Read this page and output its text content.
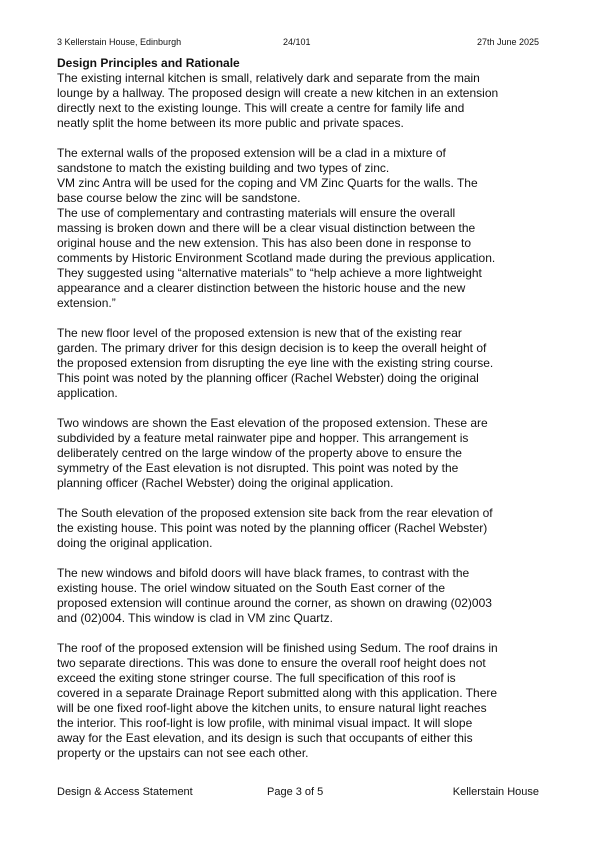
3 Kellerstain House, Edinburgh	24/101	27th June 2025
Design Principles and Rationale

The existing internal kitchen is small, relatively dark and separate from the main
lounge by a hallway. The proposed design will create a new kitchen in an extension
directly next to the existing lounge. This will create a centre for family life and
neatly split the home between its more public and private spaces.

The external walls of the proposed extension will be a clad in a mixture of
sandstone to match the existing building and two types of zinc.
VM zinc Antra will be used for the coping and VM Zinc Quarts for the walls. The
base course below the zinc will be sandstone.
The use of complementary and contrasting materials will ensure the overall
massing is broken down and there will be a clear visual distinction between the
original house and the new extension. This has also been done in response to
comments by Historic Environment Scotland made during the previous application.
They suggested using “alternative materials” to “help achieve a more lightweight
appearance and a clearer distinction between the historic house and the new
extension.”

The new floor level of the proposed extension is new that of the existing rear
garden. The primary driver for this design decision is to keep the overall height of
the proposed extension from disrupting the eye line with the existing string course.
This point was noted by the planning officer (Rachel Webster) doing the original
application.

Two windows are shown the East elevation of the proposed extension. These are
subdivided by a feature metal rainwater pipe and hopper. This arrangement is
deliberately centred on the large window of the property above to ensure the
symmetry of the East elevation is not disrupted. This point was noted by the
planning officer (Rachel Webster) doing the original application.

The South elevation of the proposed extension site back from the rear elevation of
the existing house. This point was noted by the planning officer (Rachel Webster)
doing the original application.

The new windows and bifold doors will have black frames, to contrast with the
existing house. The oriel window situated on the South East corner of the
proposed extension will continue around the corner, as shown on drawing (02)003
and (02)004. This window is clad in VM zinc Quartz.

The roof of the proposed extension will be finished using Sedum. The roof drains in
two separate directions. This was done to ensure the overall roof height does not
exceed the exiting stone stringer course. The full specification of this roof is
covered in a separate Drainage Report submitted along with this application. There
will be one fixed roof-light above the kitchen units, to ensure natural light reaches
the interior. This roof-light is low profile, with minimal visual impact. It will slope
away for the East elevation, and its design is such that occupants of either this
property or the upstairs can not see each other.

Design & Access Statement	Page 3 of 5	Kellerstain House
